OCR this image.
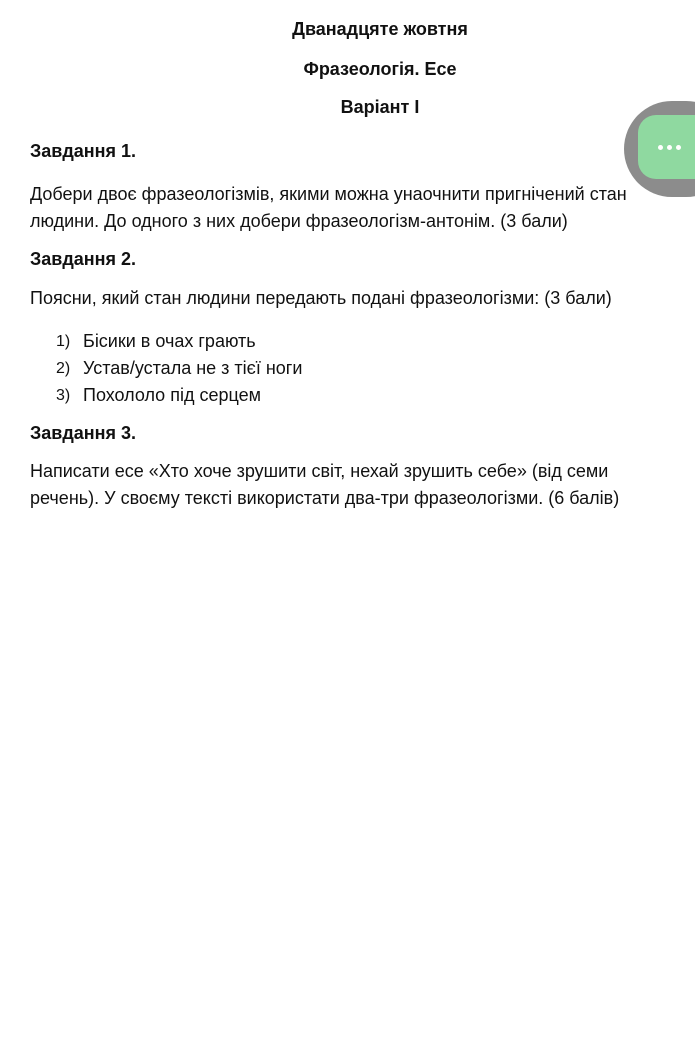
Дванадцяте жовтня

Фразеологія. Есе

Варіант І

Завдання 1.

Добери двоє фразеологізмів, якими можна унаочнити пригнічений стан
людини. До одного з них добери фразеологізм-антонім. (3 бали)

Завдання 2.

Поясни, який стан людини передають подані фразеологізми: (3 бали)

1) Бісики в очах грають
2) Устав/устала не з тієї ноги
3) Похололо під серцем

Завдання 3.

Написати есе «Хто хоче зрушити світ, нехай зрушить себе» (від семи
речень). У своєму тексті використати два-три фразеологізми. (6 балів)
